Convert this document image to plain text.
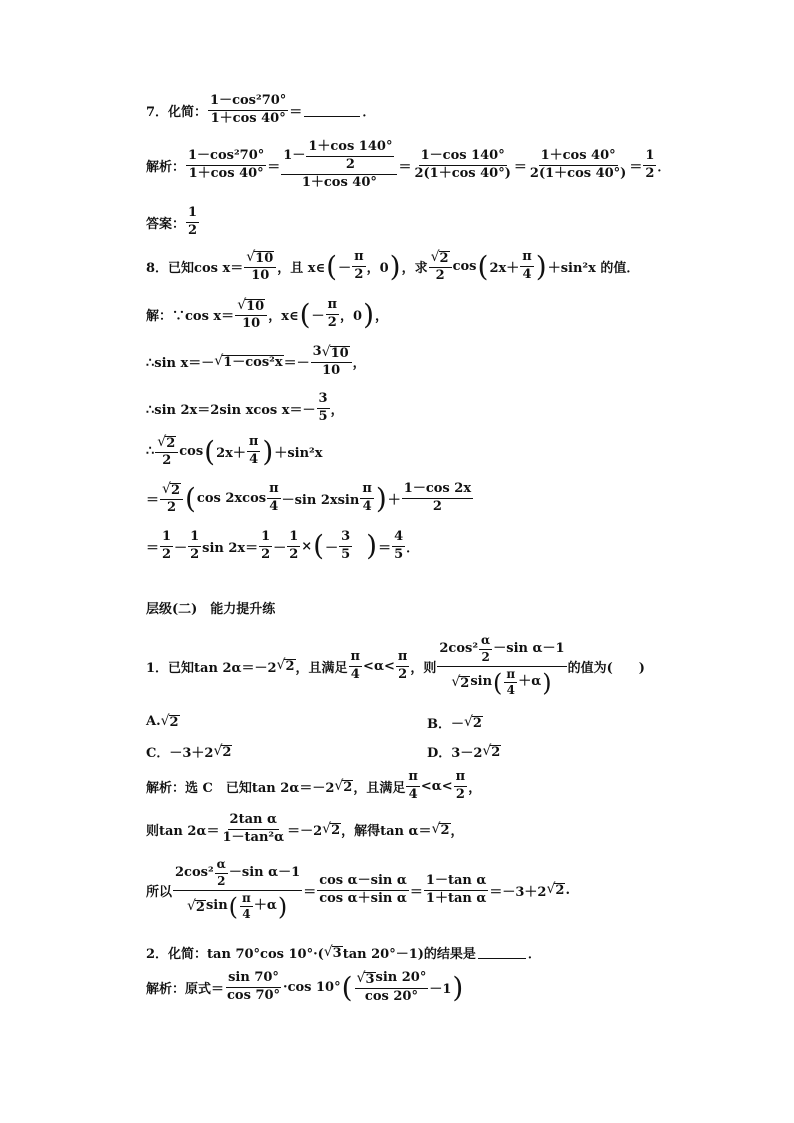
7．化简： $\frac{\text{1－cos²70°}}{1+\cos 40^\circ}$ ＝	．
解析： $\frac{\text{1－cos²70°}}{1+\cos 40^\circ} = \frac{1- \frac{1+\cos 140^\circ}{2}}{1+\cos 40^\circ} = \frac{1-\cos 140^\circ}{2(1+\cos 40^\circ)} = \frac{1+\cos 40^\circ}{2(1+\cos 40^\circ)} = \frac{1}{2}$ ．
答案： $\frac{1}{2}$
8．已知$\cos x= \frac{√ 10}{10}$ ，且 x∈ ( － $\frac{\pi}{2}$ ，0 ) ，求 $\frac{√ 2}{2}$ cos ( $2x+ \frac{\pi}{4}$ ) ＋sin²x 的值．
解：∵cos $x= \frac{√ 10}{10}$ ，x∈ ( － $\frac{\pi}{2}$ ，0 ) ，
∴sin x＝－ √ $1-\cos^2x =- \frac{3 √ 10}{10}$ ，
∴sin 2x＝2sin xcos $x=- \frac{3}{5}$ ，
∴ $\frac{√ 2}{2}$ cos ( $2x+ \frac{\pi}{4}$ ) ＋sin²x
＝ $\frac{√ 2}{2}$ ( $\cos 2xcos \frac{\pi}{4} -\sin$ $2xsin \frac{\pi}{4}$ ) ＋ $\frac{1-\cos 2x}{2}$
＝ $\frac{1}{2} - \frac{1}{2}$ $\sin 2x= \frac{1}{2} - \frac{1}{2}$ × ( － $\frac{3}{5}$ ) ＝ $\frac{4}{5}$ ．
层级(二)　能力提升练
1．已知tan 2α＝－2 √ 2 ，且满足 $\frac{\pi}{4} <\alpha< \frac{\pi}{2}$ ，则 $\frac{2\cos^2 \frac{\alpha}{2} -\sin \alpha-1}{√ 2 \sin ( \frac{\pi}{4} +\alpha )}$ 的值为(　　)
A. √ 2	B．－ √ 2
C．－3＋2 √ 2	D．3－2 √ 2
解析：选 C　已知tan 2α＝－2 √ 2 ，且满足 $\frac{\pi}{4} <\alpha< \frac{\pi}{2}$ ，
则$\tan 2\alpha= \frac{\text{2tan α}}{\text{1－tan²α}} =-2$ √ 2 ，解得tan α＝ √ 2 ，
所以 $\frac{2\cos^2 \frac{\alpha}{2} -\sin \alpha-1}{√ 2 \sin ( \frac{\pi}{4} +\alpha )} = \frac{\text{cos α－sin α}}{\text{cos α＋sin α}} = \frac{\text{1－tan α}}{\text{1＋tan α}} =-3+2$ √ 2 .
2．化简：tan 70°cos 10°·( √ 3 tan 20°－1)的结果是	．
解析：原式＝ $\frac{\sin 70^\circ}{\cos 70^\circ} \cdot\cos$ 10° ( $\frac{√ 3 \sin 20^\circ}{\cos 20^\circ} -1$ )
